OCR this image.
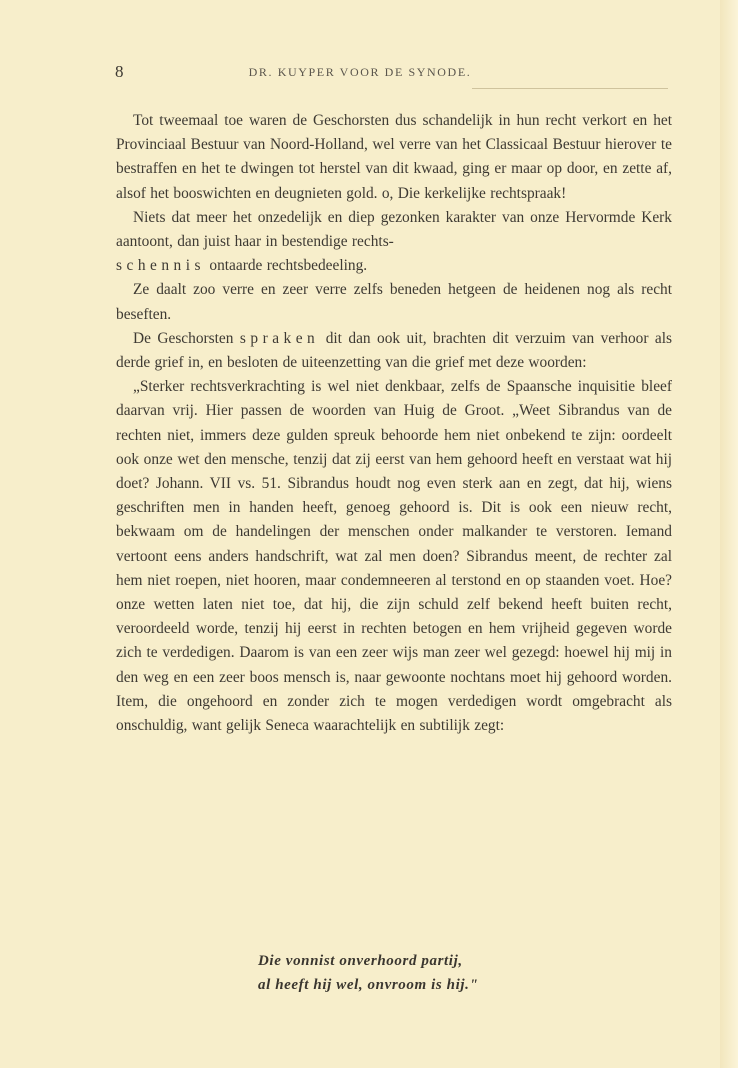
8	DR. KUYPER VOOR DE SYNODE.

Tot tweemaal toe waren de Geschorsten dus schandelijk in hun recht verkort en het Provinciaal Bestuur van Noord-Holland, wel verre van het Classicaal Bestuur hierover te bestraffen en het te dwingen tot herstel van dit kwaad, ging er maar op door, en zette af, alsof het booswichten en deugnieten gold. o, Die kerkelijke rechtspraak!

Niets dat meer het onzedelijk en diep gezonken karakter van onze Hervormde Kerk aantoont, dan juist haar in bestendige rechts-
schennis ontaarde rechtsbedeeling.

Ze daalt zoo verre en zeer verre zelfs beneden hetgeen de heidenen nog als recht beseften.

De Geschorsten spraken dit dan ook uit, brachten dit verzuim van verhoor als derde grief in, en besloten de uiteenzetting van die grief met deze woorden:

„Sterker rechtsverkrachting is wel niet denkbaar, zelfs de Spaansche inquisitie bleef daarvan vrij. Hier passen de woorden van Huig de Groot. „Weet Sibrandus van de rechten niet, immers deze gulden spreuk behoorde hem niet onbekend te zijn: oordeelt ook onze wet den mensche, tenzij dat zij eerst van hem gehoord heeft en verstaat wat hij doet? Johann. VII vs. 51. Sibrandus houdt nog even sterk aan en zegt, dat hij, wiens geschriften men in handen heeft, genoeg gehoord is. Dit is ook een nieuw recht, bekwaam om de handelingen der menschen onder malkander te verstoren. Iemand vertoont eens anders handschrift, wat zal men doen? Sibrandus meent, de rechter zal hem niet roepen, niet hooren, maar condemneeren al terstond en op staanden voet. Hoe? onze wetten laten niet toe, dat hij, die zijn schuld zelf bekend heeft buiten recht, veroordeeld worde, tenzij hij eerst in rechten betogen en hem vrijheid gegeven worde zich te verdedigen. Daarom is van een zeer wijs man zeer wel gezegd: hoewel hij mij in den weg en een zeer boos mensch is, naar gewoonte nochtans moet hij gehoord worden. Item, die ongehoord en zonder zich te mogen verdedigen wordt omgebracht als onschuldig, want gelijk Seneca waarachtelijk en subtilijk zegt:

Die vonnist onverhoord partij,
al heeft hij wel, onvroom is hij."
